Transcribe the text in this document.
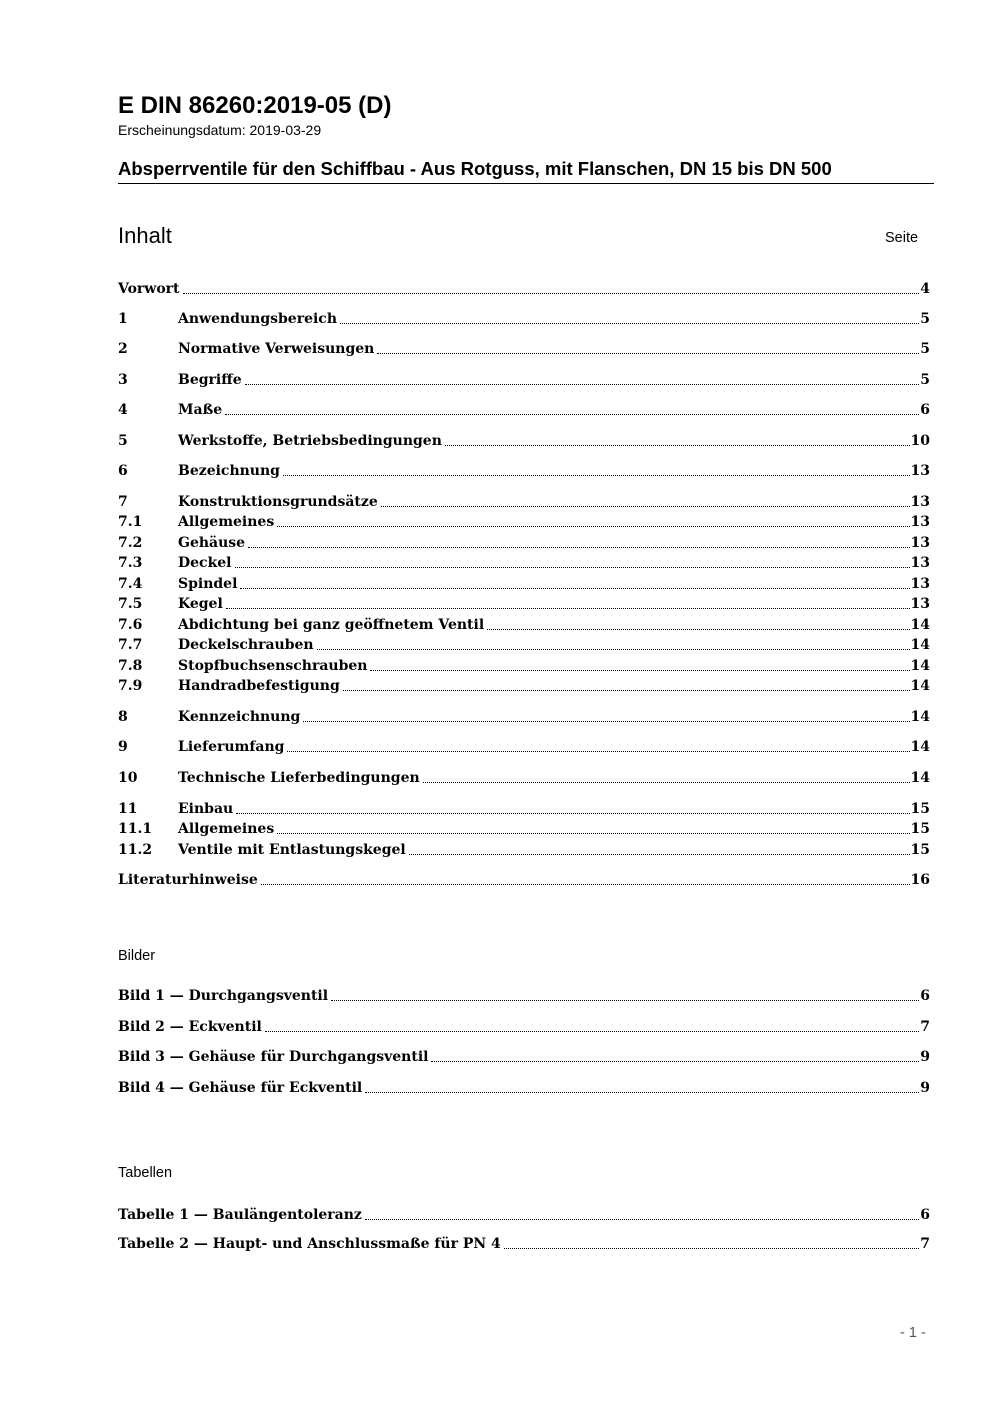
E DIN 86260:2019-05 (D)
Erscheinungsdatum: 2019-03-29
Absperrventile für den Schiffbau - Aus Rotguss, mit Flanschen, DN 15 bis DN 500
Inhalt	Seite
Vorwort	4
1	Anwendungsbereich	5
2	Normative Verweisungen	5
3	Begriffe	5
4	Maße	6
5	Werkstoffe, Betriebsbedingungen	10
6	Bezeichnung	13
7	Konstruktionsgrundsätze	13
7.1	Allgemeines	13
7.2	Gehäuse	13
7.3	Deckel	13
7.4	Spindel	13
7.5	Kegel	13
7.6	Abdichtung bei ganz geöffnetem Ventil	14
7.7	Deckelschrauben	14
7.8	Stopfbuchsenschrauben	14
7.9	Handradbefestigung	14
8	Kennzeichnung	14
9	Lieferumfang	14
10	Technische Lieferbedingungen	14
11	Einbau	15
11.1	Allgemeines	15
11.2	Ventile mit Entlastungskegel	15
Literaturhinweise	16
Bilder
Bild 1 — Durchgangsventil	6
Bild 2 — Eckventil	7
Bild 3 — Gehäuse für Durchgangsventil	9
Bild 4 — Gehäuse für Eckventil	9
Tabellen
Tabelle 1 — Baulängentoleranz	6
Tabelle 2 — Haupt- und Anschlussmaße für PN 4	7
- 1 -
